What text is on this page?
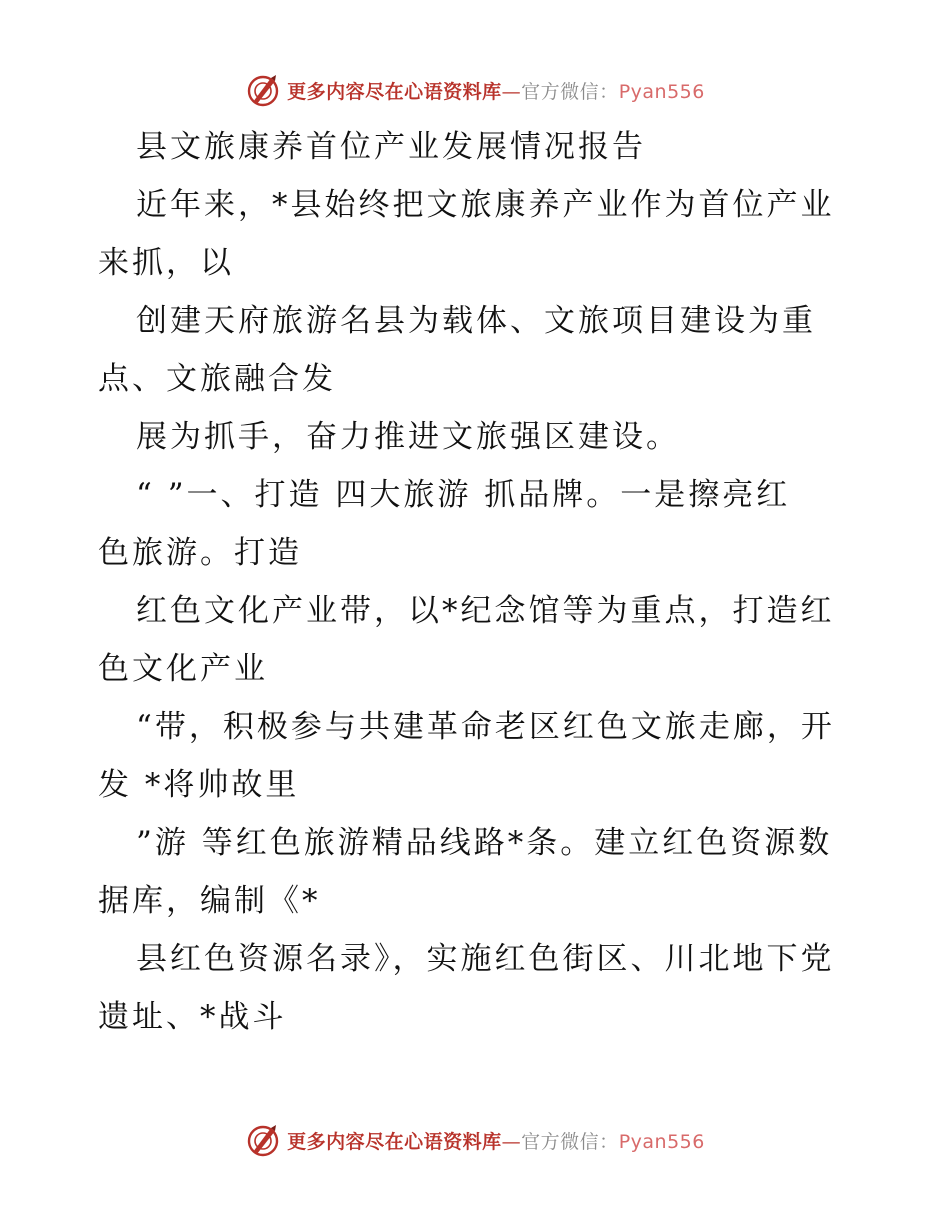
更多内容尽在心语资料库—官方微信：Pyan556

县文旅康养首位产业发展情况报告

近年来，*县始终把文旅康养产业作为首位产业

来抓，以

创建天府旅游名县为载体、文旅项目建设为重

点、文旅融合发

展为抓手，奋力推进文旅强区建设。

“ ”一、打造 四大旅游 抓品牌。一是擦亮红

色旅游。打造

红色文化产业带，以*纪念馆等为重点，打造红

色文化产业

“带，积极参与共建革命老区红色文旅走廊，开

发 *将帅故里

”游 等红色旅游精品线路*条。建立红色资源数

据库，编制《*

县红色资源名录》，实施红色街区、川北地下党

遗址、*战斗

更多内容尽在心语资料库—官方微信：Pyan556
